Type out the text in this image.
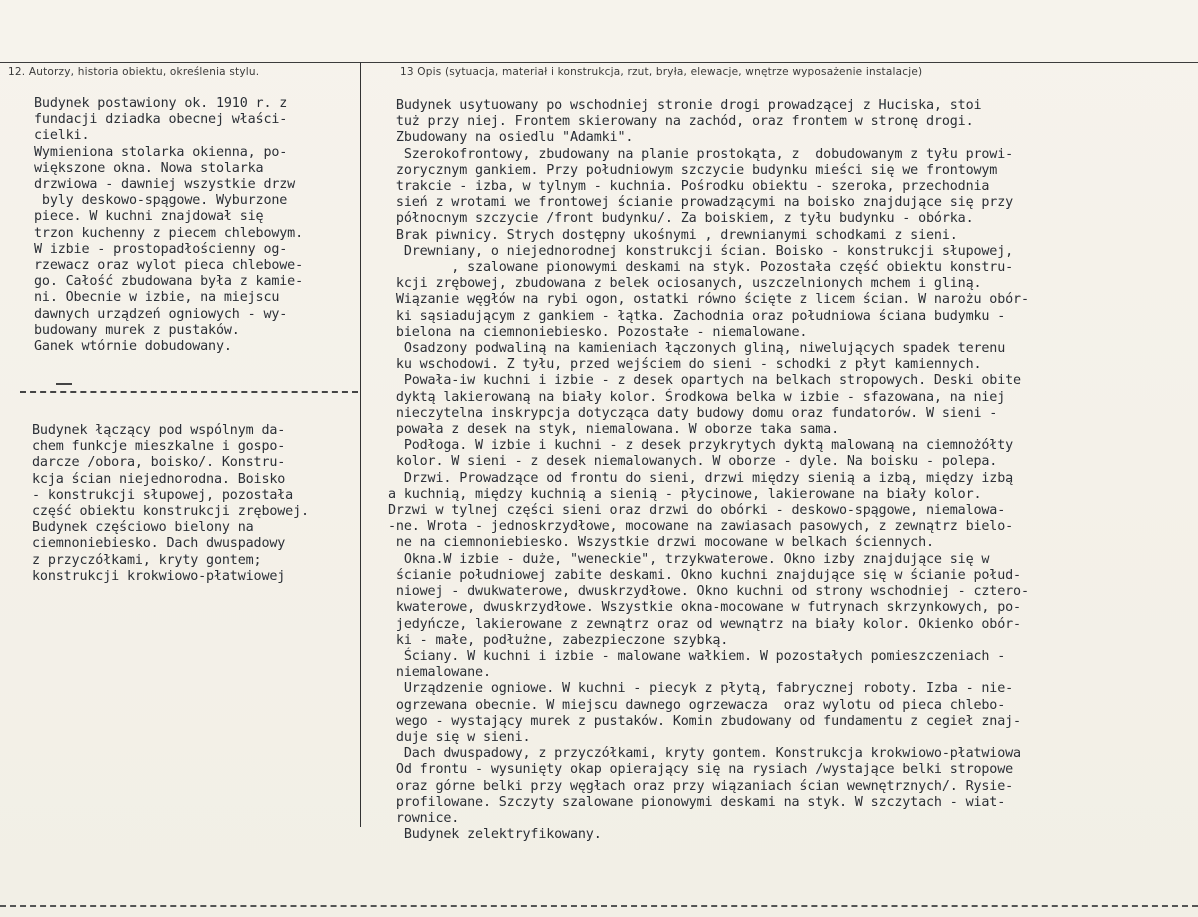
12. Autorzy, historia obiektu, określenia stylu.	13 Opis (sytuacja, materiał i konstrukcja, rzut, bryła, elewacje, wnętrze wyposażenie instalacje)
Budynek postawiony ok. 1910 r. z
fundacji dziadka obecnej właści-
cielki.
Wymieniona stolarka okienna, po-
większone okna. Nowa stolarka
drzwiowa - dawniej wszystkie drzw
byly deskowo-spągowe. Wyburzone
piece. W kuchni znajdował się
trzon kuchenny z piecem chlebowym.
W izbie - prostopadłościenny og-
rzewacz oraz wylot pieca chlebowe-
go. Całość zbudowana była z kamie-
ni. Obecnie w izbie, na miejscu
dawnych urządzeń ogniowych - wy-
budowany murek z pustaków.
Ganek wtórnie dobudowany.
Budynek łączący pod wspólnym da-
chem funkcje mieszkalne i gospo-
darcze /obora, boisko/. Konstru-
kcja ścian niejednorodna. Boisko
- konstrukcji słupowej, pozostała
część obiektu konstrukcji zrębowej.
Budynek częściowo bielony na
ciemnoniebiesko. Dach dwuspadowy
z przyczółkami, kryty gontem;
konstrukcji krokwiowo-płatwiowej
Budynek usytuowany po wschodniej stronie drogi prowadzącej z Huciska, stoi
tuż przy niej. Frontem skierowany na zachód, oraz frontem w stronę drogi.
Zbudowany na osiedlu "Adamki".
Szerokofrontowy, zbudowany na planie prostokąta, z  dobudowanym z tyłu prowi-
zorycznym gankiem. Przy południowym szczycie budynku mieści się we frontowym
trakcie - izba, w tylnym - kuchnia. Pośrodku obiektu - szeroka, przechodnia
sień z wrotami we frontowej ścianie prowadzącymi na boisko znajdujące się przy
północnym szczycie /front budynku/. Za boiskiem, z tyłu budynku - obórka.
Brak piwnicy. Strych dostępny ukośnymi , drewnianymi schodkami z sieni.
Drewniany, o niejednorodnej konstrukcji ścian. Boisko - konstrukcji słupowej,
, szalowane pionowymi deskami na styk. Pozostała część obiektu konstru-
kcji zrębowej, zbudowana z belek ociosanych, uszczelnionych mchem i gliną.
Wiązanie węgłów na rybi ogon, ostatki równo ścięte z licem ścian. W narożu obór-
ki sąsiadującym z gankiem - łątka. Zachodnia oraz południowa ściana budymku -
bielona na ciemnoniebiesko. Pozostałe - niemalowane.
Osadzony podwaliną na kamieniach łączonych gliną, niwelujących spadek terenu
ku wschodowi. Z tyłu, przed wejściem do sieni - schodki z płyt kamiennych.
Powała-iw kuchni i izbie - z desek opartych na belkach stropowych. Deski obite
dyktą lakierowaną na biały kolor. Środkowa belka w izbie - sfazowana, na niej
nieczytelna inskrypcja dotycząca daty budowy domu oraz fundatorów. W sieni -
powała z desek na styk, niemalowana. W oborze taka sama.
Podłoga. W izbie i kuchni - z desek przykrytych dyktą malowaną na ciemnożółty
kolor. W sieni - z desek niemalowanych. W oborze - dyle. Na boisku - polepa.
Drzwi. Prowadzące od frontu do sieni, drzwi między sienią a izbą, między izbą
a kuchnią, między kuchnią a sienią - płycinowe, lakierowane na biały kolor.
Drzwi w tylnej części sieni oraz drzwi do obórki - deskowo-spągowe, niemalowa-
-ne. Wrota - jednoskrzydłowe, mocowane na zawiasach pasowych, z zewnątrz bielo-
ne na ciemnoniebiesko. Wszystkie drzwi mocowane w belkach ściennych.
Okna.W izbie - duże, "weneckie", trzykwaterowe. Okno izby znajdujące się w
ścianie południowej zabite deskami. Okno kuchni znajdujące się w ścianie połud-
niowej - dwukwaterowe, dwuskrzydłowe. Okno kuchni od strony wschodniej - cztero-
kwaterowe, dwuskrzydłowe. Wszystkie okna-mocowane w futrynach skrzynkowych, po-
jedyńcze, lakierowane z zewnątrz oraz od wewnątrz na biały kolor. Okienko obór-
ki - małe, podłużne, zabezpieczone szybką.
Ściany. W kuchni i izbie - malowane wałkiem. W pozostałych pomieszczeniach -
niemalowane.
Urządzenie ogniowe. W kuchni - piecyk z płytą, fabrycznej roboty. Izba - nie-
ogrzewana obecnie. W miejscu dawnego ogrzewacza  oraz wylotu od pieca chlebo-
wego - wystający murek z pustaków. Komin zbudowany od fundamentu z cegieł znaj-
duje się w sieni.
Dach dwuspadowy, z przyczółkami, kryty gontem. Konstrukcja krokwiowo-płatwiowa
Od frontu - wysunięty okap opierający się na rysiach /wystające belki stropowe
oraz górne belki przy węgłach oraz przy wiązaniach ścian wewnętrznych/. Rysie-
profilowane. Szczyty szalowane pionowymi deskami na styk. W szczytach - wiat-
rownice.
Budynek zelektryfikowany.
